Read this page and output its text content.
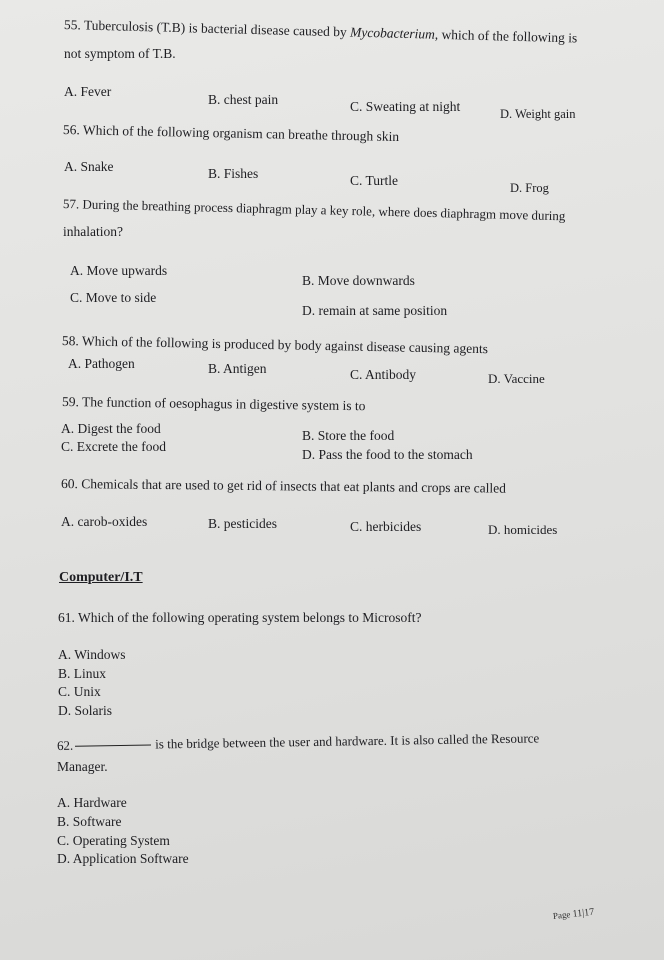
55. Tuberculosis (T.B) is bacterial disease caused by Mycobacterium, which of the following is
not symptom of T.B.
A. Fever
B. chest pain	C. Sweating at night	D. Weight gain
56. Which of the following organism can breathe through skin
A. Snake	B. Fishes	C. Turtle	D. Frog
57. During the breathing process diaphragm play a key role, where does diaphragm move during
inhalation?
A. Move upwards
B. Move downwards
C. Move to side
D. remain at same position
58. Which of the following is produced by body against disease causing agents
A. Pathogen	B. Antigen	C. Antibody	D. Vaccine
59. The function of oesophagus in digestive system is to
A. Digest the food	B. Store the food
C. Excrete the food
D. Pass the food to the stomach
60. Chemicals that are used to get rid of insects that eat plants and crops are called
A. carob-oxides	B. pesticides	C. herbicides	D. homicides
Computer/I.T
61. Which of the following operating system belongs to Microsoft?
A. Windows
B. Linux
C. Unix
D. Solaris
62.	is the bridge between the user and hardware. It is also called the Resource
Manager.
A. Hardware
B. Software
C. Operating System
D. Application Software
Page 11|17
